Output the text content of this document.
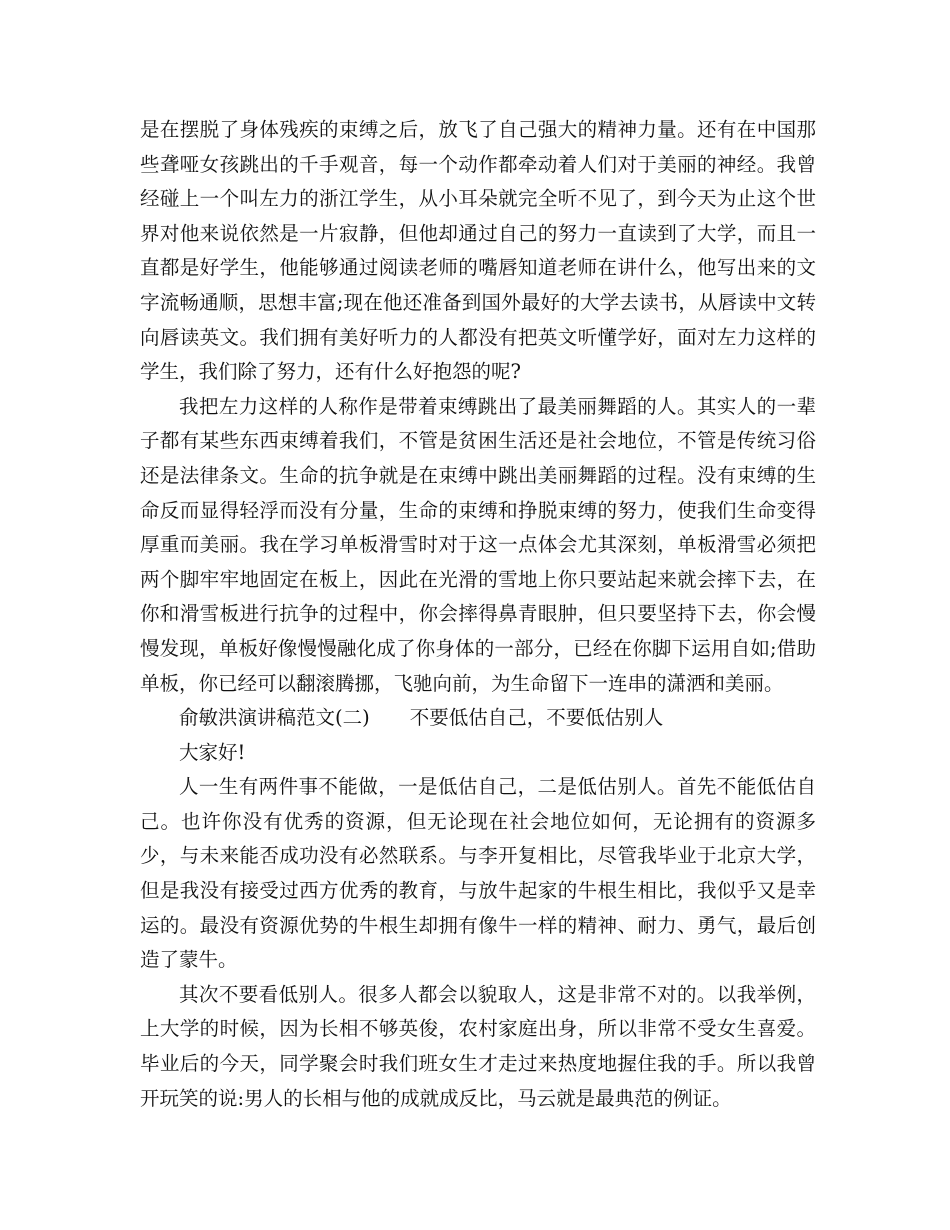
是在摆脱了身体残疾的束缚之后，放飞了自己强大的精神力量。还有在中国那些聋哑女孩跳出的千手观音，每一个动作都牵动着人们对于美丽的神经。我曾经碰上一个叫左力的浙江学生，从小耳朵就完全听不见了，到今天为止这个世界对他来说依然是一片寂静，但他却通过自己的努力一直读到了大学，而且一直都是好学生，他能够通过阅读老师的嘴唇知道老师在讲什么，他写出来的文字流畅通顺，思想丰富;现在他还准备到国外最好的大学去读书，从唇读中文转向唇读英文。我们拥有美好听力的人都没有把英文听懂学好，面对左力这样的学生，我们除了努力，还有什么好抱怨的呢?

我把左力这样的人称作是带着束缚跳出了最美丽舞蹈的人。其实人的一辈子都有某些东西束缚着我们，不管是贫困生活还是社会地位，不管是传统习俗还是法律条文。生命的抗争就是在束缚中跳出美丽舞蹈的过程。没有束缚的生命反而显得轻浮而没有分量，生命的束缚和挣脱束缚的努力，使我们生命变得厚重而美丽。我在学习单板滑雪时对于这一点体会尤其深刻，单板滑雪必须把两个脚牢牢地固定在板上，因此在光滑的雪地上你只要站起来就会摔下去，在你和滑雪板进行抗争的过程中，你会摔得鼻青眼肿，但只要坚持下去，你会慢慢发现，单板好像慢慢融化成了你身体的一部分，已经在你脚下运用自如;借助单板，你已经可以翻滚腾挪，飞驰向前，为生命留下一连串的潇洒和美丽。

俞敏洪演讲稿范文(二) 不要低估自己，不要低估别人

大家好!

人一生有两件事不能做，一是低估自己，二是低估别人。首先不能低估自己。也许你没有优秀的资源，但无论现在社会地位如何，无论拥有的资源多少，与未来能否成功没有必然联系。与李开复相比，尽管我毕业于北京大学，但是我没有接受过西方优秀的教育，与放牛起家的牛根生相比，我似乎又是幸运的。最没有资源优势的牛根生却拥有像牛一样的精神、耐力、勇气，最后创造了蒙牛。

其次不要看低别人。很多人都会以貌取人，这是非常不对的。以我举例，上大学的时候，因为长相不够英俊，农村家庭出身，所以非常不受女生喜爱。毕业后的今天，同学聚会时我们班女生才走过来热度地握住我的手。所以我曾开玩笑的说:男人的长相与他的成就成反比，马云就是最典范的例证。
